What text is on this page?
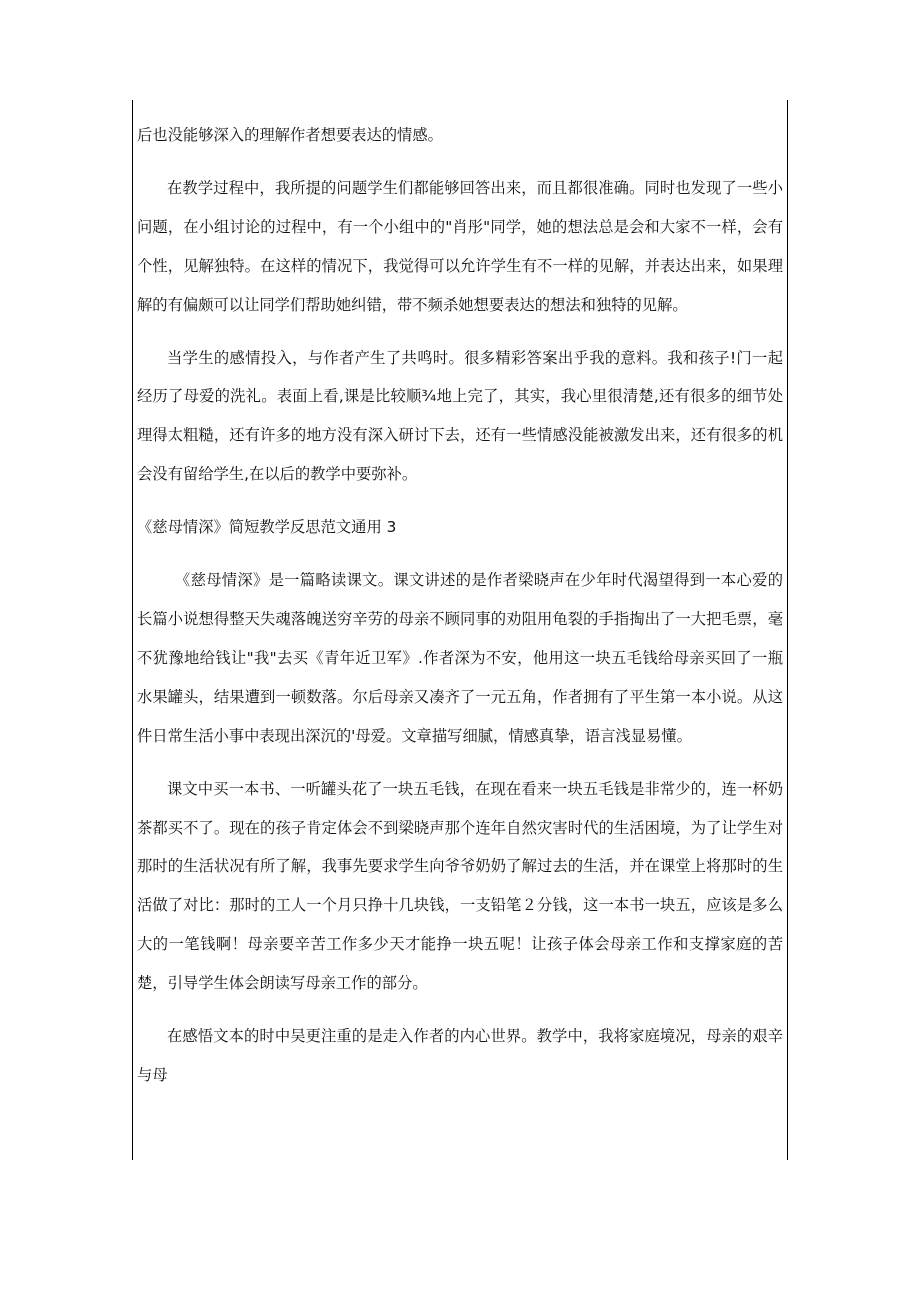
后也没能够深入的理解作者想要表达的情感。

在教学过程中，我所提的问题学生们都能够回答出来，而且都很准确。同时也发现了一些小问题，在小组讨论的过程中，有一个小组中的"肖彤"同学，她的想法总是会和大家不一样，会有个性，见解独特。在这样的情况下，我觉得可以允许学生有不一样的见解，并表达出来，如果理解的有偏颇可以让同学们帮助她纠错，带不频杀她想要表达的想法和独特的见解。

当学生的感情投入，与作者产生了共鸣时。很多精彩答案出乎我的意料。我和孩子!门一起经历了母爱的洗礼。表面上看,课是比较顺¾地上完了，其实，我心里很清楚,还有很多的细节处理得太粗糙，还有许多的地方没有深入研讨下去，还有一些情感没能被激发出来，还有很多的机会没有留给学生,在以后的教学中要弥补。

《慈母情深》简短教学反思范文通用 3

《慈母情深》是一篇略读课文。课文讲述的是作者梁晓声在少年时代渴望得到一本心爱的长篇小说想得整天失魂落魄送穷辛劳的母亲不顾同事的劝阻用龟裂的手指掏出了一大把毛票，毫不犹豫地给钱让"我"去买《青年近卫军》.作者深为不安，他用这一块五毛钱给母亲买回了一瓶水果罐头，结果遭到一顿数落。尔后母亲又凑齐了一元五角，作者拥有了平生第一本小说。从这件日常生活小事中表现出深沉的'母爱。文章描写细腻，情感真挚，语言浅显易懂。

课文中买一本书、一听罐头花了一块五毛钱，在现在看来一块五毛钱是非常少的，连一杯奶茶都买不了。现在的孩子肯定体会不到梁晓声那个连年自然灾害时代的生活困境，为了让学生对那时的生活状况有所了解，我事先要求学生向爷爷奶奶了解过去的生活，并在课堂上将那时的生活做了对比：那时的工人一个月只挣十几块钱，一支铅笔２分钱，这一本书一块五，应该是多么大的一笔钱啊！母亲要辛苦工作多少天才能挣一块五呢！让孩子体会母亲工作和支撑家庭的苦楚，引导学生体会朗读写母亲工作的部分。

在感悟文本的时中吴更注重的是走入作者的内心世界。教学中，我将家庭境况，母亲的艰辛与母
